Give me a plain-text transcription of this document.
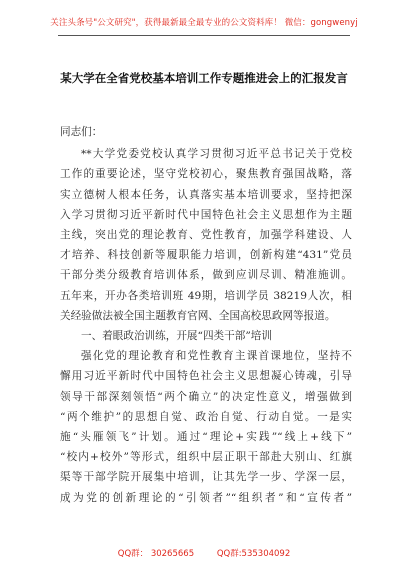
关注头条号"公文研究"，获得最新最全最专业的公文资料库！ 微信：gongwenyj
某大学在全省党校基本培训工作专题推进会上的汇报发言
同志们：
**大学党委党校认真学习贯彻习近平总书记关于党校
工作的重要论述，坚守党校初心，聚焦教育强国战略，落
实立德树人根本任务，认真落实基本培训要求，坚持把深
入学习贯彻习近平新时代中国特色社会主义思想作为主题
主线，突出党的理论教育、党性教育，加强学科建设、人
才培养、科技创新等履职能力培训，创新构建“431”党员
干部分类分级教育培训体系，做到应训尽训、精准施训。
五年来，开办各类培训班 49期，培训学员 38219人次，相
关经验做法被全国主题教育官网、全国高校思政网等报道。
一、着眼政治训练，开展“四类干部”培训
强化党的理论教育和党性教育主课首课地位，坚持不
懈用习近平新时代中国特色社会主义思想凝心铸魂，引导
领导干部深刻领悟“两个确立”的决定性意义，增强做到
“两个维护”的思想自觉、政治自觉、行动自觉。一是实
施“头雁领飞”计划。通过“理论+实践”“线上+线下”
“校内+校外”等形式，组织中层正职干部赴大别山、红旗
渠等干部学院开展集中培训，让其先学一步、学深一层，
成为党的创新理论的“引领者”“组织者”和“宣传者”
QQ群： 30265665	QQ群:535304092
